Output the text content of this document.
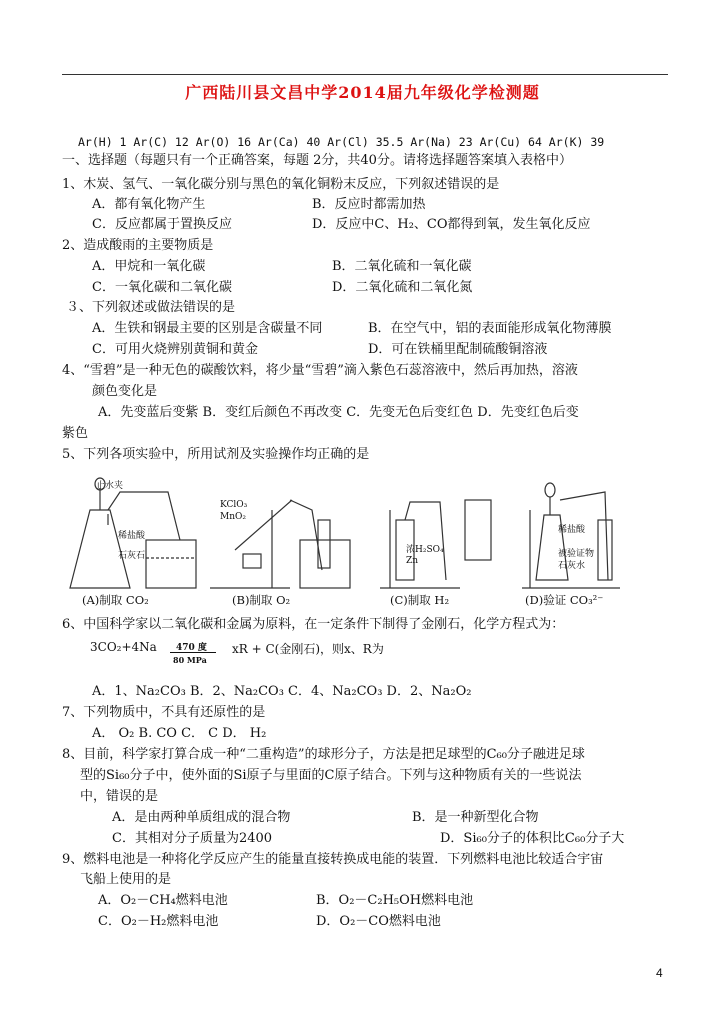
广西陆川县文昌中学2014届九年级化学检测题
Ar(H) 1 Ar(C) 12 Ar(O) 16 Ar(Ca) 40 Ar(Cl) 35.5 Ar(Na) 23 Ar(Cu) 64 Ar(K) 39
一、选择题（每题只有一个正确答案，每题 2分，共40分。请将选择题答案填入表格中）
1、木炭、氢气、一氧化碳分别与黑色的氧化铜粉末反应，下列叙述错误的是
A．都有氧化物产生	B．反应时都需加热
C．反应都属于置换反应	D．反应中C、H₂、CO都得到氧，发生氧化反应
2、造成酸雨的主要物质是
A．甲烷和一氧化碳	B．二氧化硫和一氧化碳
C．一氧化碳和二氧化碳	D．二氧化硫和二氧化氮
３、下列叙述或做法错误的是
A．生铁和钢最主要的区别是含碳量不同	B．在空气中，铝的表面能形成氧化物薄膜
C．可用火烧辨别黄铜和黄金	D．可在铁桶里配制硫酸铜溶液
4、“雪碧”是一种无色的碳酸饮料，将少量“雪碧”滴入紫色石蕊溶液中，然后再加热，溶液
颜色变化是
A．先变蓝后变紫 B．变红后颜色不再改变 C．先变无色后变红色 D．先变红色后变
紫色
5、下列各项实验中，所用试剂及实验操作均正确的是
止水夹
稀盐酸
石灰石
KClO₃
MnO₂
浓H₂SO₄
Zn
稀盐酸
被验证物
石灰水
(A)制取 CO₂	(B)制取 O₂	(C)制取 H₂	(D)验证 CO₃²⁻
6、中国科学家以二氧化碳和金属为原料，在一定条件下制得了金刚石，化学方程式为：
3CO₂+4Na 470 度
80 MPa
xR + C(金刚石)，则x、R为
A．1、Na₂CO₃ B．2、Na₂CO₃ C．4、Na₂CO₃ D．2、Na₂O₂
7、下列物质中，不具有还原性的是
A． O₂ B. CO C． C D． H₂
8、目前，科学家打算合成一种“二重构造”的球形分子，方法是把足球型的C₆₀分子融进足球
型的Si₆₀分子中，使外面的Si原子与里面的C原子结合。下列与这种物质有关的一些说法
中，错误的是
A．是由两种单质组成的混合物	B．是一种新型化合物
C．其相对分子质量为2400	D．Si₆₀分子的体积比C₆₀分子大
9、燃料电池是一种将化学反应产生的能量直接转换成电能的装置．下列燃料电池比较适合宇宙
飞船上使用的是
A．O₂－CH₄燃料电池	B．O₂－C₂H₅OH燃料电池
C．O₂－H₂燃料电池	D．O₂－CO燃料电池
4
